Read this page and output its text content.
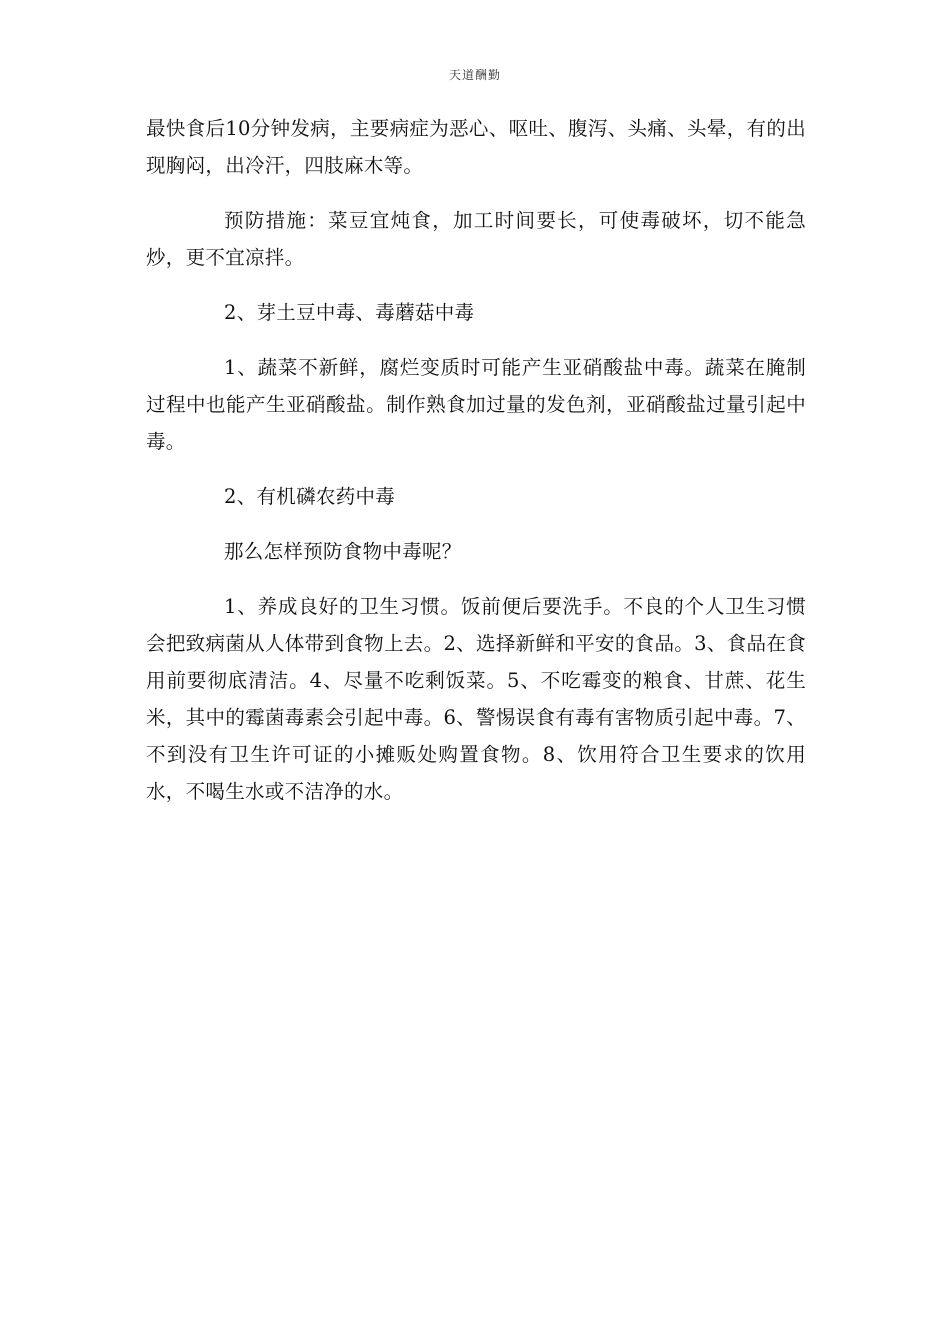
天道酬勤

最快食后10分钟发病，主要病症为恶心、呕吐、腹泻、头痛、头晕，有的出现胸闷，出冷汗，四肢麻木等。

预防措施：菜豆宜炖食，加工时间要长，可使毒破坏，切不能急炒，更不宜凉拌。

2、芽土豆中毒、毒蘑菇中毒

1、蔬菜不新鲜，腐烂变质时可能产生亚硝酸盐中毒。蔬菜在腌制过程中也能产生亚硝酸盐。制作熟食加过量的发色剂，亚硝酸盐过量引起中毒。

2、有机磷农药中毒

那么怎样预防食物中毒呢？

1、养成良好的卫生习惯。饭前便后要洗手。不良的个人卫生习惯会把致病菌从人体带到食物上去。2、选择新鲜和平安的食品。3、食品在食用前要彻底清洁。4、尽量不吃剩饭菜。5、不吃霉变的粮食、甘蔗、花生米，其中的霉菌毒素会引起中毒。6、警惕误食有毒有害物质引起中毒。7、不到没有卫生许可证的小摊贩处购置食物。8、饮用符合卫生要求的饮用水，不喝生水或不洁净的水。
